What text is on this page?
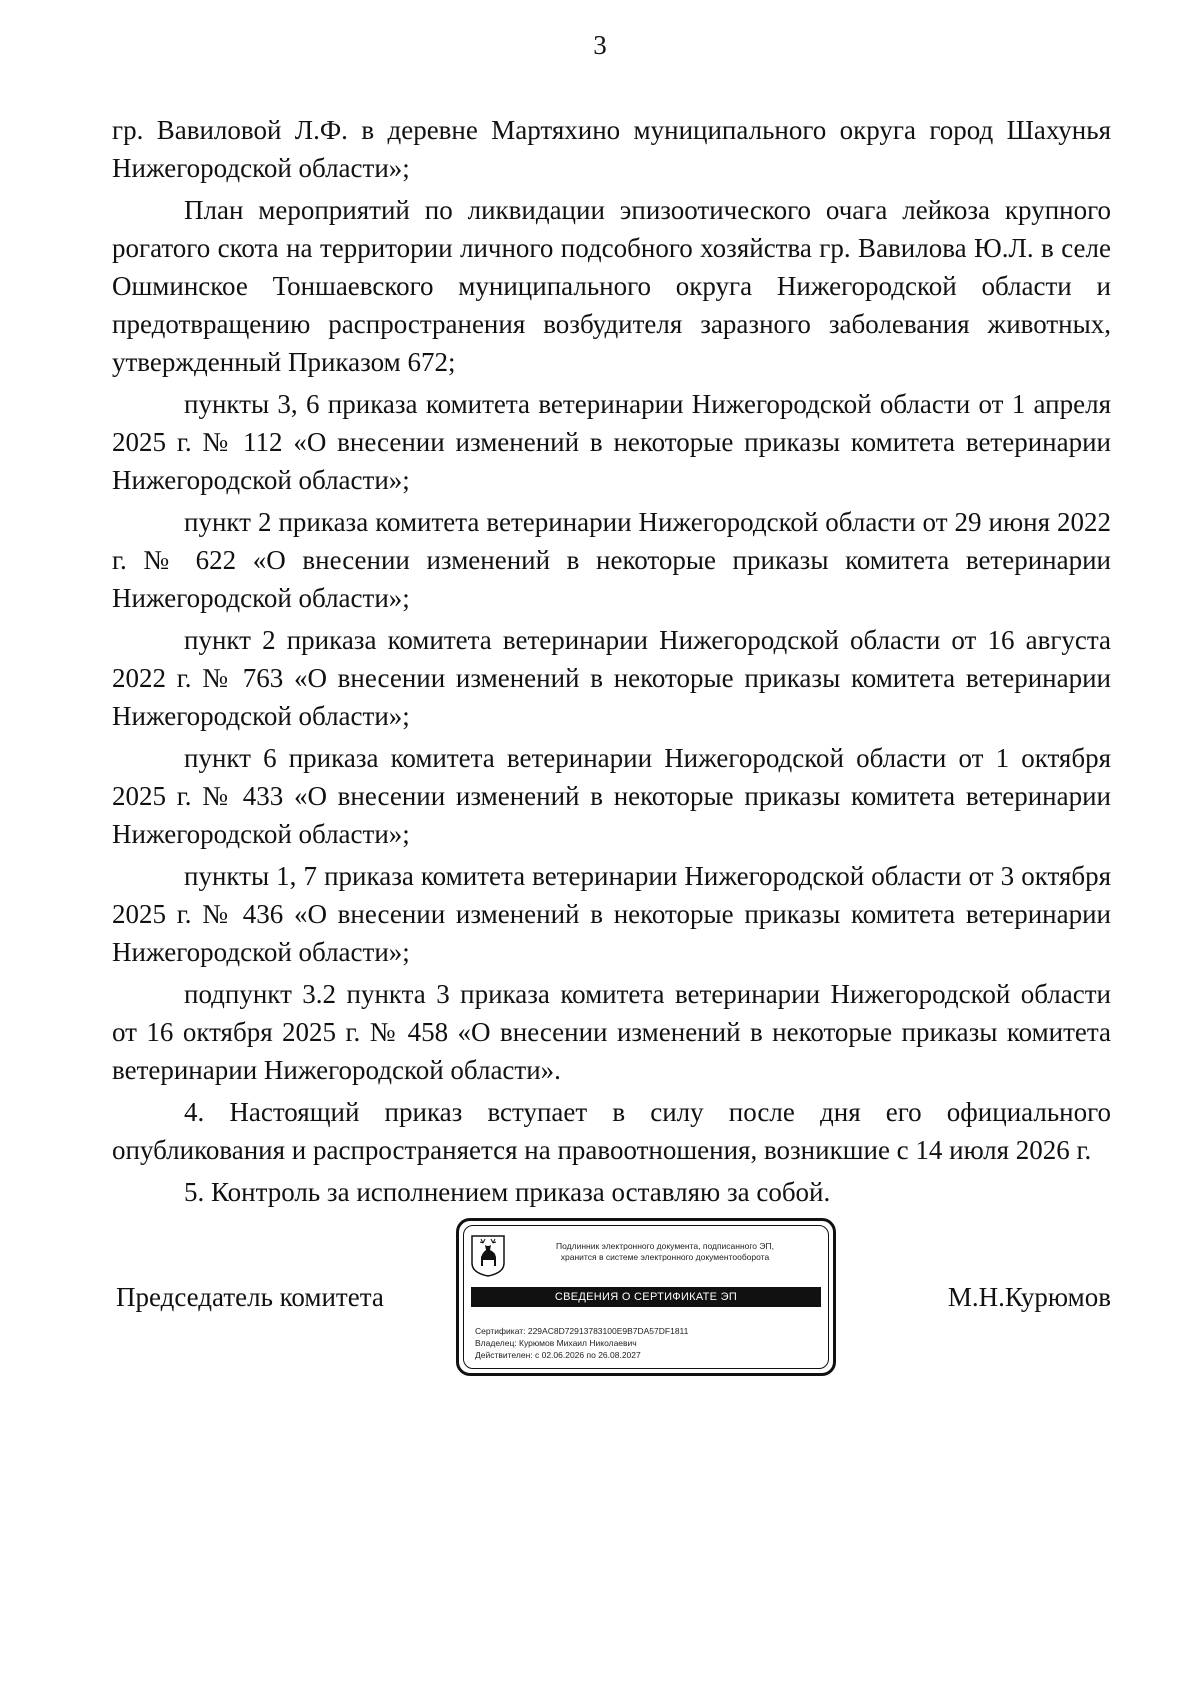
3

гр. Вавиловой Л.Ф. в деревне Мартяхино муниципального округа город Шахунья Нижегородской области»;

План мероприятий по ликвидации эпизоотического очага лейкоза крупного рогатого скота на территории личного подсобного хозяйства гр. Вавилова Ю.Л. в селе Ошминское Тоншаевского муниципального округа Нижегородской области и предотвращению распространения возбудителя заразного заболевания животных, утвержденный Приказом 672;

пункты 3, 6 приказа комитета ветеринарии Нижегородской области от 1 апреля 2025 г. № 112 «О внесении изменений в некоторые приказы комитета ветеринарии Нижегородской области»;

пункт 2 приказа комитета ветеринарии Нижегородской области от 29 июня 2022 г. № 622 «О внесении изменений в некоторые приказы комитета ветеринарии Нижегородской области»;

пункт 2 приказа комитета ветеринарии Нижегородской области от 16 августа 2022 г. № 763 «О внесении изменений в некоторые приказы комитета ветеринарии Нижегородской области»;

пункт 6 приказа комитета ветеринарии Нижегородской области от 1 октября 2025 г. № 433 «О внесении изменений в некоторые приказы комитета ветеринарии Нижегородской области»;

пункты 1, 7 приказа комитета ветеринарии Нижегородской области от 3 октября 2025 г. № 436 «О внесении изменений в некоторые приказы комитета ветеринарии Нижегородской области»;

подпункт 3.2 пункта 3 приказа комитета ветеринарии Нижегородской области от 16 октября 2025 г. № 458 «О внесении изменений в некоторые приказы комитета ветеринарии Нижегородской области».

4. Настоящий приказ вступает в силу после дня его официального опубликования и распространяется на правоотношения, возникшие с 14 июля 2026 г.

5. Контроль за исполнением приказа оставляю за собой.

Председатель комитета
Подлинник электронного документа, подписанного ЭП,
хранится в системе электронного документооборота
СВЕДЕНИЯ О СЕРТИФИКАТЕ ЭП
Сертификат: 229AC8D7291378310​0E9B7DA57DF1811
Владелец: Курюмов Михаил Николаевич
Действителен: с 02.06.2026 по 26.08.2027
М.Н.Курюмов
